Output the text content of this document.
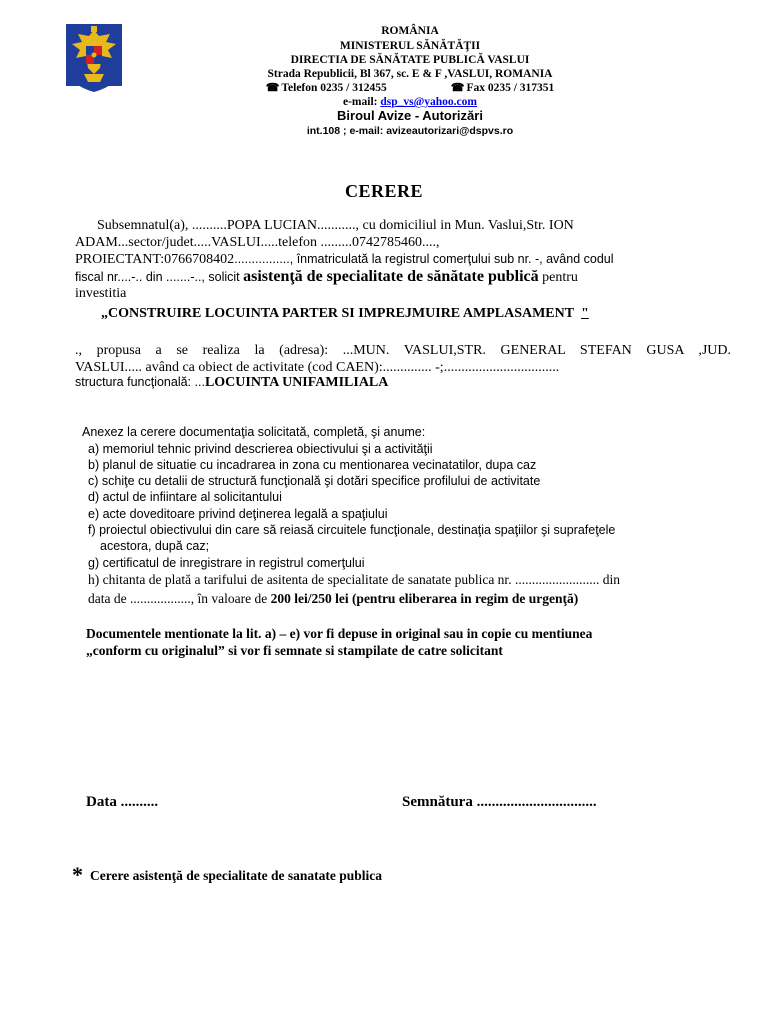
ROMÂNIA
MINISTERUL SĂNĂTĂŢII
DIRECTIA DE SĂNĂTATE PUBLICĂ VASLUI
Strada Republicii, Bl 367, sc. E & F ,VASLUI, ROMANIA
☎ Telefon 0235 / 312455	☎ Fax 0235 / 317351
e-mail: dsp_vs@yahoo.com
Biroul Avize - Autorizări
int.108 ; e-mail: avizeautorizari@dspvs.ro
CERERE
Subsemnatul(a), ..........POPA LUCIAN..........., cu domiciliul in Mun. Vaslui,Str. ION
ADAM...sector/judet.....VASLUI.....telefon .........0742785460....,
PROIECTANT:0766708402................, înmatriculată la registrul comerţului sub nr. -, având codul
fiscal nr....-.. din .......-.., solicit asistenţă de specialitate de sănătate publică pentru
investitia
„CONSTRUIRE LOCUINTA PARTER SI IMPREJMUIRE AMPLASAMENT "
., propusa a se realiza la (adresa): ...MUN. VASLUI,STR. GENERAL STEFAN GUSA ,JUD.
VASLUI..... având ca obiect de activitate (cod CAEN):.............. -;.................................
structura funcţională: ...LOCUINTA UNIFAMILIALA
Anexez la cerere documentaţia solicitată, completă, şi anume:
a) memoriul tehnic privind descrierea obiectivului şi a activităţii
b) planul de situatie cu incadrarea in zona cu mentionarea vecinatatilor, dupa caz
c) schiţe cu detalii de structură funcţională şi dotări specifice profilului de activitate
d) actul de infiintare al solicitantului
e) acte doveditoare privind deţinerea legală a spaţiului
f) proiectul obiectivului din care să reiasă circuitele funcţionale, destinaţia spaţiilor şi suprafeţele
acestora, după caz;
g) certificatul de inregistrare in registrul comerţului
h) chitanta de plată a tarifului de asitenta de specialitate de sanatate publica nr. ......................... din
data de .................., în valoare de 200 lei/250 lei (pentru eliberarea in regim de urgenţă)
Documentele mentionate la lit. a) – e) vor fi depuse in original sau in copie cu mentiunea
„conform cu originalul” si vor fi semnate si stampilate de catre solicitant
Data ..........	Semnătura ................................
* Cerere asistenţă de specialitate de sanatate publica
